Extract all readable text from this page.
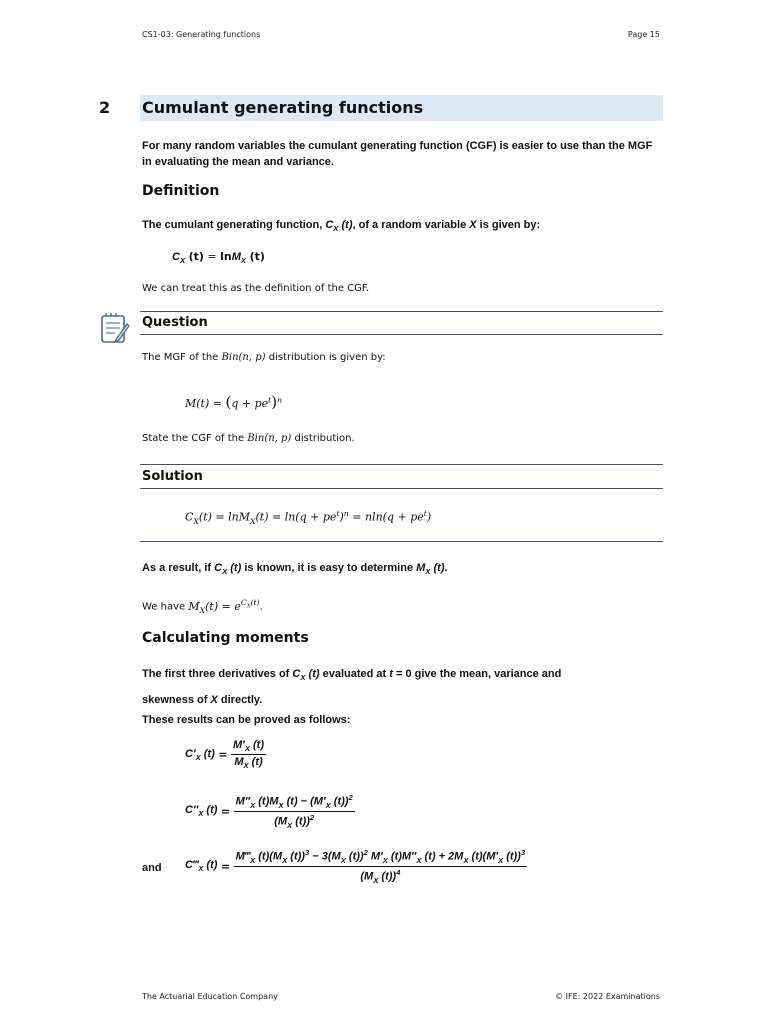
CS1-03: Generating functions	Page 15
2 Cumulant generating functions
For many random variables the cumulant generating function (CGF) is easier to use than the MGF in evaluating the mean and variance.
Definition
The cumulant generating function, $C_X$ (t), of a random variable X is given by:
$C_X$ (t) = lnM$_X$ (t)
We can treat this as the definition of the CGF.
Question
The MGF of the Bin(n, p) distribution is given by:
$M(t) = (q + pe^t)^n$
State the CGF of the Bin(n, p) distribution.
Solution
$C_X(t) = \ln M_X(t) = \ln(q + pe^t)^n = nln(q + pe^t)$
As a result, if $C_X$ (t) is known, it is easy to determine $M_X$ (t).
We have $M_X(t) = e^{C_X(t)}$.
Calculating moments
The first three derivatives of $C_X$ (t) evaluated at t = 0 give the mean, variance and
skewness of X directly.
These results can be proved as follows:
$C'_X$ (t)
=
$\frac{M'_X (t)}{M_X (t)}$
$C''_X$ (t)
=
$\frac{M''_X (t)M_X (t) - (M'_X (t))^2}{(M_X (t))^2}$
and $C‴_X$ (t)
=

$M‴_X$ $(t)(M_X$ $(t))^3 - 3(M_X$ (t))$^2$ $M'_X$ $(t)M''_X$ $(t) + 2M_X$ $(t)(M'_X$ (t))$^3$
($M_X$ (t))$^4$
The Actuarial Education Company	© IFE: 2022 Examinations
